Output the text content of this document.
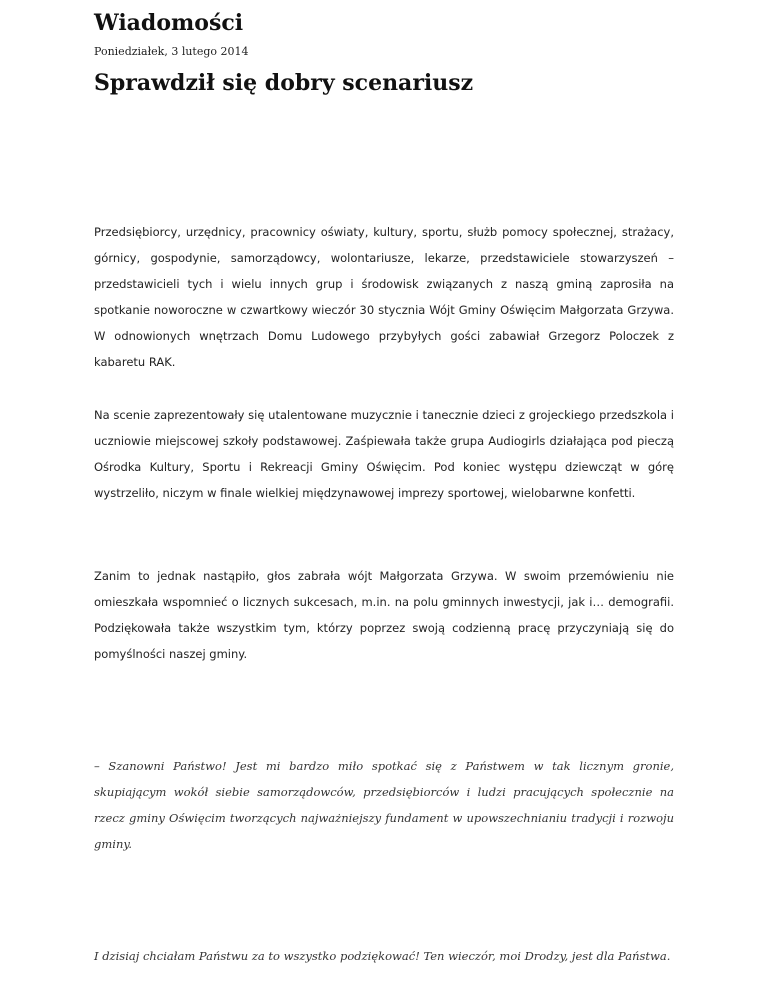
Wiadomości

Poniedziałek, 3 lutego 2014

Sprawdził się dobry scenariusz

Przedsiębiorcy, urzędnicy, pracownicy oświaty, kultury, sportu, służb pomocy społecznej, strażacy, górnicy, gospodynie, samorządowcy, wolontariusze, lekarze, przedstawiciele stowarzyszeń – przedstawicieli tych i wielu innych grup i środowisk związanych z naszą gminą zaprosiła na spotkanie noworoczne w czwartkowy wieczór 30 stycznia Wójt Gminy Oświęcim Małgorzata Grzywa. W odnowionych wnętrzach Domu Ludowego przybyłych gości zabawiał Grzegorz Poloczek z kabaretu RAK.

Na scenie zaprezentowały się utalentowane muzycznie i tanecznie dzieci z grojeckiego przedszkola i uczniowie miejscowej szkoły podstawowej. Zaśpiewała także grupa Audiogirls działająca pod pieczą Ośrodka Kultury, Sportu i Rekreacji Gminy Oświęcim. Pod koniec występu dziewcząt w górę wystrzeliło, niczym w finale wielkiej międzynawowej imprezy sportowej, wielobarwne konfetti.

Zanim to jednak nastąpiło, głos zabrała wójt Małgorzata Grzywa. W swoim przemówieniu nie omieszkała wspomnieć o licznych sukcesach, m.in. na polu gminnych inwestycji, jak i… demografii. Podziękowała także wszystkim tym, którzy poprzez swoją codzienną pracę przyczyniają się do pomyślności naszej gminy.

– Szanowni Państwo! Jest mi bardzo miło spotkać się z Państwem w tak licznym gronie, skupiającym wokół siebie samorządowców, przedsiębiorców i ludzi pracujących społecznie na rzecz gminy Oświęcim tworzących najważniejszy fundament w upowszechnianiu tradycji i rozwoju gminy.

I dzisiaj chciałam Państwu za to wszystko podziękować! Ten wieczór, moi Drodzy, jest dla Państwa.
